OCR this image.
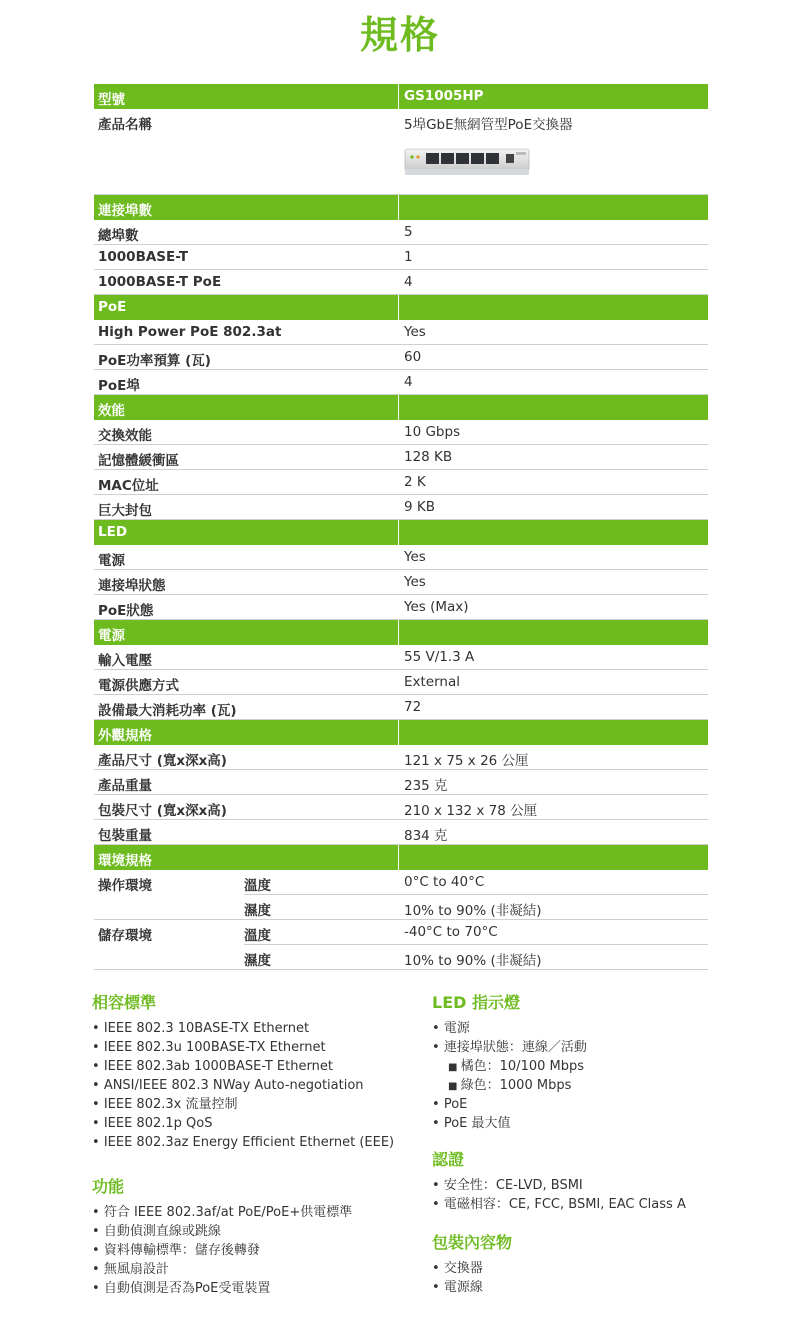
規格
型號	GS1005HP
產品名稱	5埠GbE無網管型PoE交換器
連接埠數
總埠數	5
1000BASE-T	1
1000BASE-T PoE	4
PoE
High Power PoE 802.3at	Yes
PoE功率預算 (瓦)	60
PoE埠	4
效能
交換效能	10 Gbps
記憶體緩衝區	128 KB
MAC位址	2 K
巨大封包	9 KB
LED
電源	Yes
連接埠狀態	Yes
PoE狀態	Yes (Max)
電源
輸入電壓	55 V/1.3 A
電源供應方式	External
設備最大消耗功率 (瓦)	72
外觀規格
產品尺寸 (寬x深x高)	121 x 75 x 26 公厘
產品重量	235 克
包裝尺寸 (寬x深x高)	210 x 132 x 78 公厘
包裝重量	834 克
環境規格
操作環境	溫度	0°C to 40°C
濕度	10% to 90% (非凝結)
儲存環境	溫度	-40°C to 70°C
濕度	10% to 90% (非凝結)
相容標準
• IEEE 802.3 10BASE-TX Ethernet
• IEEE 802.3u 100BASE-TX Ethernet
• IEEE 802.3ab 1000BASE-T Ethernet
• ANSI/IEEE 802.3 NWay Auto-negotiation
• IEEE 802.3x 流量控制
• IEEE 802.1p QoS
• IEEE 802.3az Energy Efficient Ethernet (EEE)
功能
• 符合 IEEE 802.3af/at PoE/PoE+供電標準
• 自動偵測直線或跳線
• 資料傳輸標準：儲存後轉發
• 無風扇設計
• 自動偵測是否為PoE受電裝置
LED 指示燈
• 電源
• 連接埠狀態：連線／活動
■ 橘色：10/100 Mbps
■ 綠色：1000 Mbps
• PoE
• PoE 最大值
認證
• 安全性：CE-LVD, BSMI
• 電磁相容：CE, FCC, BSMI, EAC Class A
包裝內容物
• 交換器
• 電源線
